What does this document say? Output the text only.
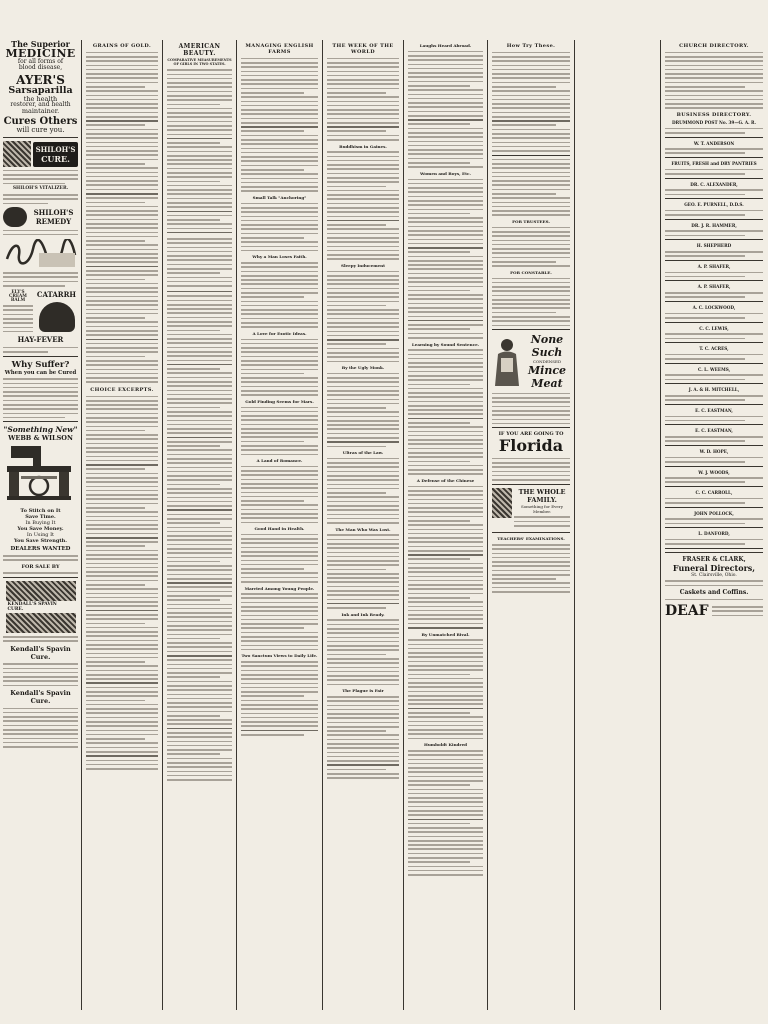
The Superior
MEDICINE
for all forms of
blood disease,
AYER'S
Sarsaparilla
the health
restorer, and health
maintainer.
Cures Others
will cure you.
SHILOH'S
CURE.
SHILOH'S VITALIZER.
SHILOH'S
REMEDY
ELY'S CREAM BALM
CATARRH
HAY-FEVER
Why Suffer?
When you can be Cured
"Something New"
WEBB & WILSON
To Stitch on It
Save Time.
In Buying It
You Save Money.
In Using It
You Save Strength.
DEALERS WANTED
FOR SALE BY
KENDALL'S SPAVIN CURE.
Kendall's Spavin Cure.
Kendall's Spavin Cure.
GRAINS OF GOLD.
CHOICE EXCERPTS.
AMERICAN BEAUTY.
COMPARATIVE MEASUREMENTS OF GIRLS IN TWO STATES.
MANAGING ENGLISH FARMS
Small Talk "Anchoring"
Why a Man Loses Faith.
A Love for Exotic Ideas.
Gold Finding Seems for Mars.
A Land of Romance.
Good Hand in Health.
Married Among Young People.
Two Sanctum Views to Daily Life.
THE WEEK OF THE WORLD
Buddhism in Gaines.
Sleepy Inducement
By the Ugly Monk.
Ultras of the Law.
The Man Who Was Lost.
Ink and Ink Ready.
The Plague is Fair
Laughs Heard Abroad.
Women and Boys, Etc.
Learning by Sound Sentence.
A Defense of the Chinese
By Unmatched Rival.
Humboldt Kindred
How Try These.
FOR TRUSTEES.
FOR CONSTABLE.
None
Such
CONDENSED
Mince
Meat
IF YOU ARE GOING TO
Florida
THE WHOLE FAMILY.
Something for Every Member.
TEACHERS' EXAMINATIONS.
CHURCH DIRECTORY.
BUSINESS DIRECTORY.
DRUMMOND POST No. 39—G. A. R.
W. T. ANDERSON
FRUITS, FRESH and DRY PANTRIES
DR. C. ALEXANDER,
GEO. E. PURNELL, D.D.S.
DR. J. R. HAMMER,
H. SHEPHERD
A. P. SHAFER,
A. P. SHAFER,
A. C. LOCKWOOD,
C. C. LEWIS,
T. C. ACRES,
C. L. WEEMS,
J. A. & H. MITCHELL,
E. C. EASTMAN,
E. C. EASTMAN,
W. D. HOPE,
W. J. WOODS,
C. C. CARROLL,
JOHN POLLOCK,
L. DANFORD,
FRASER & CLARK,
Funeral Directors,
St. Clairsville, Ohio.
Caskets and Coffins.
DEAF
